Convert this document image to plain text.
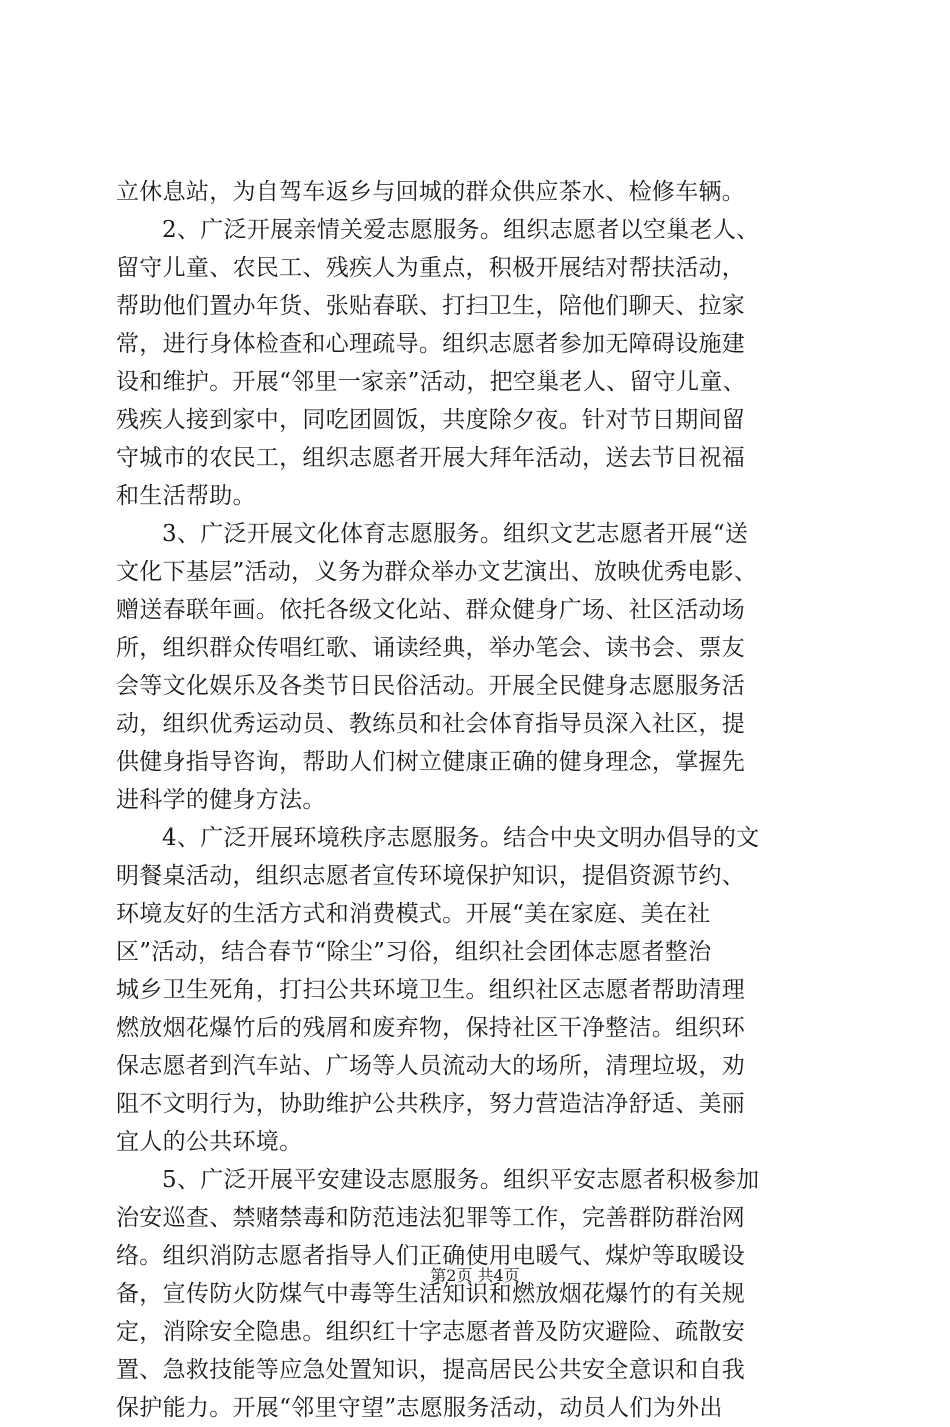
立休息站，为自驾车返乡与回城的群众供应茶水、检修车辆。
2、广泛开展亲情关爱志愿服务。组织志愿者以空巢老人、
留守儿童、农民工、残疾人为重点，积极开展结对帮扶活动，
帮助他们置办年货、张贴春联、打扫卫生，陪他们聊天、拉家
常，进行身体检查和心理疏导。组织志愿者参加无障碍设施建
设和维护。开展“邻里一家亲”活动，把空巢老人、留守儿童、
残疾人接到家中，同吃团圆饭，共度除夕夜。针对节日期间留
守城市的农民工，组织志愿者开展大拜年活动，送去节日祝福
和生活帮助。
3、广泛开展文化体育志愿服务。组织文艺志愿者开展“送
文化下基层”活动，义务为群众举办文艺演出、放映优秀电影、
赠送春联年画。依托各级文化站、群众健身广场、社区活动场
所，组织群众传唱红歌、诵读经典，举办笔会、读书会、票友
会等文化娱乐及各类节日民俗活动。开展全民健身志愿服务活
动，组织优秀运动员、教练员和社会体育指导员深入社区，提
供健身指导咨询，帮助人们树立健康正确的健身理念，掌握先
进科学的健身方法。
4、广泛开展环境秩序志愿服务。结合中央文明办倡导的文
明餐桌活动，组织志愿者宣传环境保护知识，提倡资源节约、
环境友好的生活方式和消费模式。开展“美在家庭、美在社
区”活动，结合春节“除尘”习俗，组织社会团体志愿者整治
城乡卫生死角，打扫公共环境卫生。组织社区志愿者帮助清理
燃放烟花爆竹后的残屑和废弃物，保持社区干净整洁。组织环
保志愿者到汽车站、广场等人员流动大的场所，清理垃圾，劝
阻不文明行为，协助维护公共秩序，努力营造洁净舒适、美丽
宜人的公共环境。
5、广泛开展平安建设志愿服务。组织平安志愿者积极参加
治安巡查、禁赌禁毒和防范违法犯罪等工作，完善群防群治网
络。组织消防志愿者指导人们正确使用电暖气、煤炉等取暖设
备，宣传防火防煤气中毒等生活知识和燃放烟花爆竹的有关规
定，消除安全隐患。组织红十字志愿者普及防灾避险、疏散安
置、急救技能等应急处置知识，提高居民公共安全意识和自我
保护能力。开展“邻里守望”志愿服务活动，动员人们为外出
第2页 共4页
